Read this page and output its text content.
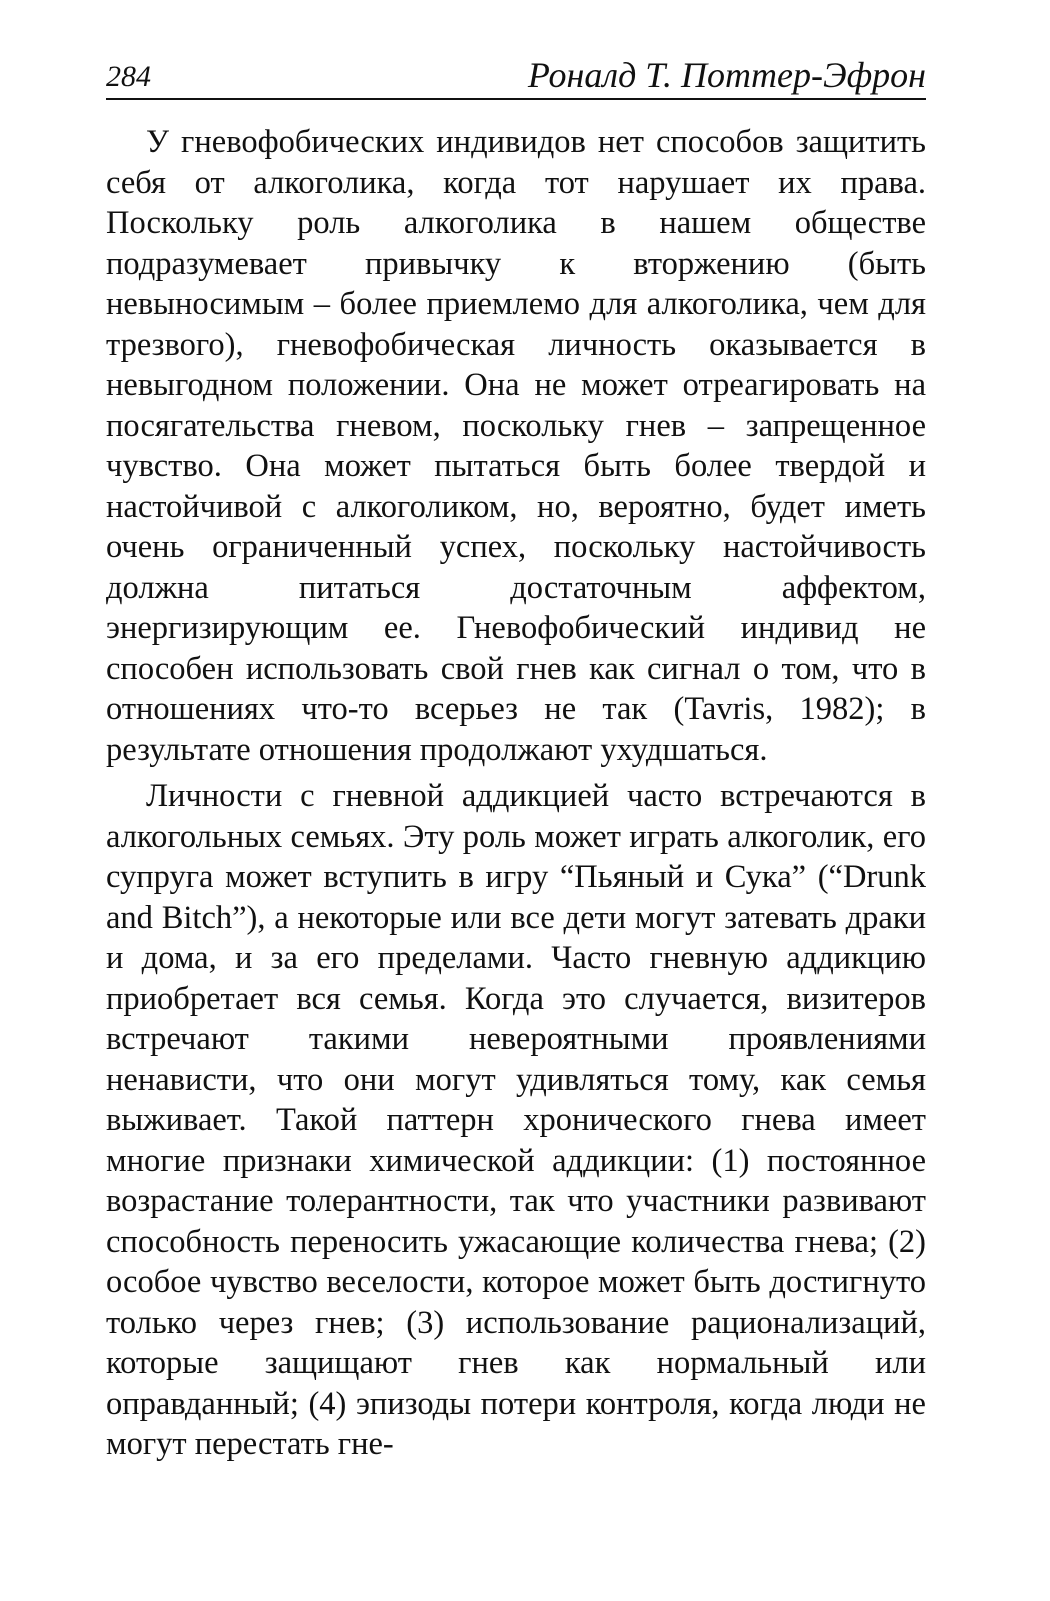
284	Роналд Т. Поттер-Эфрон

У гневофобических индивидов нет способов защитить себя от алкоголика, когда тот нарушает их права. Поскольку роль алкоголика в нашем обществе подразумевает привычку к вторжению (быть невыносимым – более приемлемо для алкоголика, чем для трезвого), гневофобическая личность оказывается в невыгодном положении. Она не может отреагировать на посягательства гневом, поскольку гнев – запрещенное чувство. Она может пытаться быть более твердой и настойчивой с алкоголиком, но, вероятно, будет иметь очень ограниченный успех, поскольку настойчивость должна питаться достаточным аффектом, энергизирующим ее. Гневофобический индивид не способен использовать свой гнев как сигнал о том, что в отношениях что-то всерьез не так (Tavris, 1982); в результате отношения продолжают ухудшаться.

Личности с гневной аддикцией часто встречаются в алкогольных семьях. Эту роль может играть алкоголик, его супруга может вступить в игру “Пьяный и Сука” (“Drunk and Bitch”), а некоторые или все дети могут затевать драки и дома, и за его пределами. Часто гневную аддикцию приобретает вся семья. Когда это случается, визитеров встречают такими невероятными проявлениями ненависти, что они могут удивляться тому, как семья выживает. Такой паттерн хронического гнева имеет многие признаки химической аддикции: (1) постоянное возрастание толерантности, так что участники развивают способность переносить ужасающие количества гнева; (2) особое чувство веселости, которое может быть достигнуто только через гнев; (3) использование рационализаций, которые защищают гнев как нормальный или оправданный; (4) эпизоды потери контроля, когда люди не могут перестать гне-
